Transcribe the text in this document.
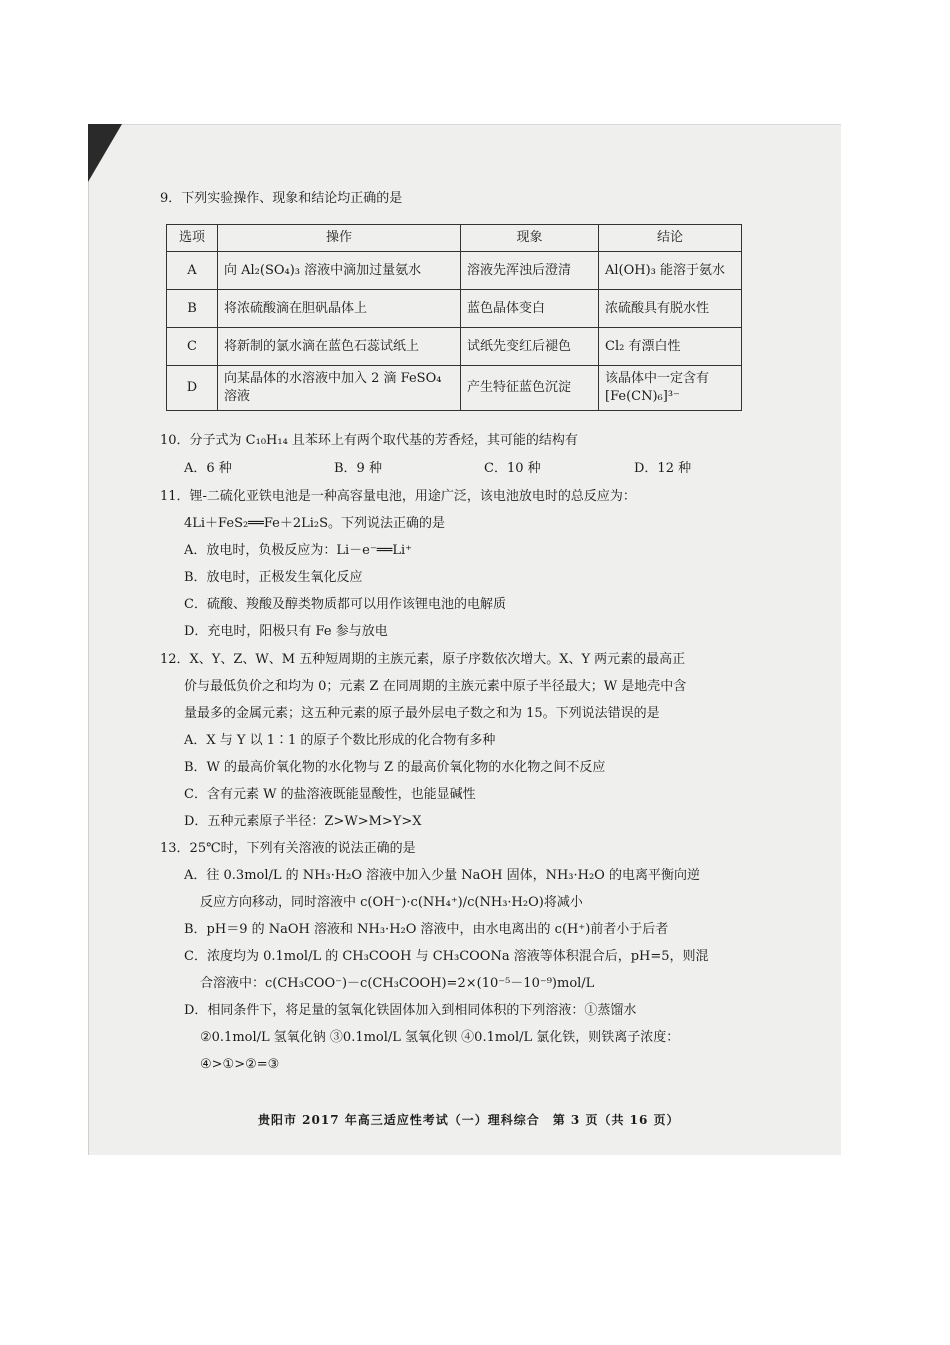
9．下列实验操作、现象和结论均正确的是
选项	操作	现象	结论
A	向 Al₂(SO₄)₃ 溶液中滴加过量氨水	溶液先浑浊后澄清	Al(OH)₃ 能溶于氨水
B	将浓硫酸滴在胆矾晶体上	蓝色晶体变白	浓硫酸具有脱水性
C	将新制的氯水滴在蓝色石蕊试纸上	试纸先变红后褪色	Cl₂ 有漂白性
D	向某晶体的水溶液中加入 2 滴 FeSO₄ 溶液	产生特征蓝色沉淀	该晶体中一定含有 [Fe(CN)₆]³⁻
10．分子式为 C₁₀H₁₄ 且苯环上有两个取代基的芳香烃，其可能的结构有
A．6 种	B．9 种	C．10 种	D．12 种
11．锂-二硫化亚铁电池是一种高容量电池，用途广泛，该电池放电时的总反应为：
4Li＋FeS₂══Fe＋2Li₂S。下列说法正确的是
A．放电时，负极反应为：Li－e⁻══Li⁺
B．放电时，正极发生氧化反应
C．硫酸、羧酸及醇类物质都可以用作该锂电池的电解质
D．充电时，阳极只有 Fe 参与放电
12．X、Y、Z、W、M 五种短周期的主族元素，原子序数依次增大。X、Y 两元素的最高正
价与最低负价之和均为 0；元素 Z 在同周期的主族元素中原子半径最大；W 是地壳中含
量最多的金属元素；这五种元素的原子最外层电子数之和为 15。下列说法错误的是
A．X 与 Y 以 1∶1 的原子个数比形成的化合物有多种
B．W 的最高价氧化物的水化物与 Z 的最高价氧化物的水化物之间不反应
C．含有元素 W 的盐溶液既能显酸性，也能显碱性
D．五种元素原子半径：Z>W>M>Y>X
13．25℃时，下列有关溶液的说法正确的是
A．往 0.3mol/L 的 NH₃·H₂O 溶液中加入少量 NaOH 固体，NH₃·H₂O 的电离平衡向逆
反应方向移动，同时溶液中 c(OH⁻)·c(NH₄⁺)/c(NH₃·H₂O)将减小
B．pH＝9 的 NaOH 溶液和 NH₃·H₂O 溶液中，由水电离出的 c(H⁺)前者小于后者
C．浓度均为 0.1mol/L 的 CH₃COOH 与 CH₃COONa 溶液等体积混合后，pH=5，则混
合溶液中：c(CH₃COO⁻)－c(CH₃COOH)=2×(10⁻⁵－10⁻⁹)mol/L
D．相同条件下，将足量的氢氧化铁固体加入到相同体积的下列溶液：①蒸馏水
②0.1mol/L 氢氧化钠 ③0.1mol/L 氢氧化钡 ④0.1mol/L 氯化铁，则铁离子浓度：
④>①>②=③
贵阳市 2017 年高三适应性考试（一）理科综合　第 3 页（共 16 页）
